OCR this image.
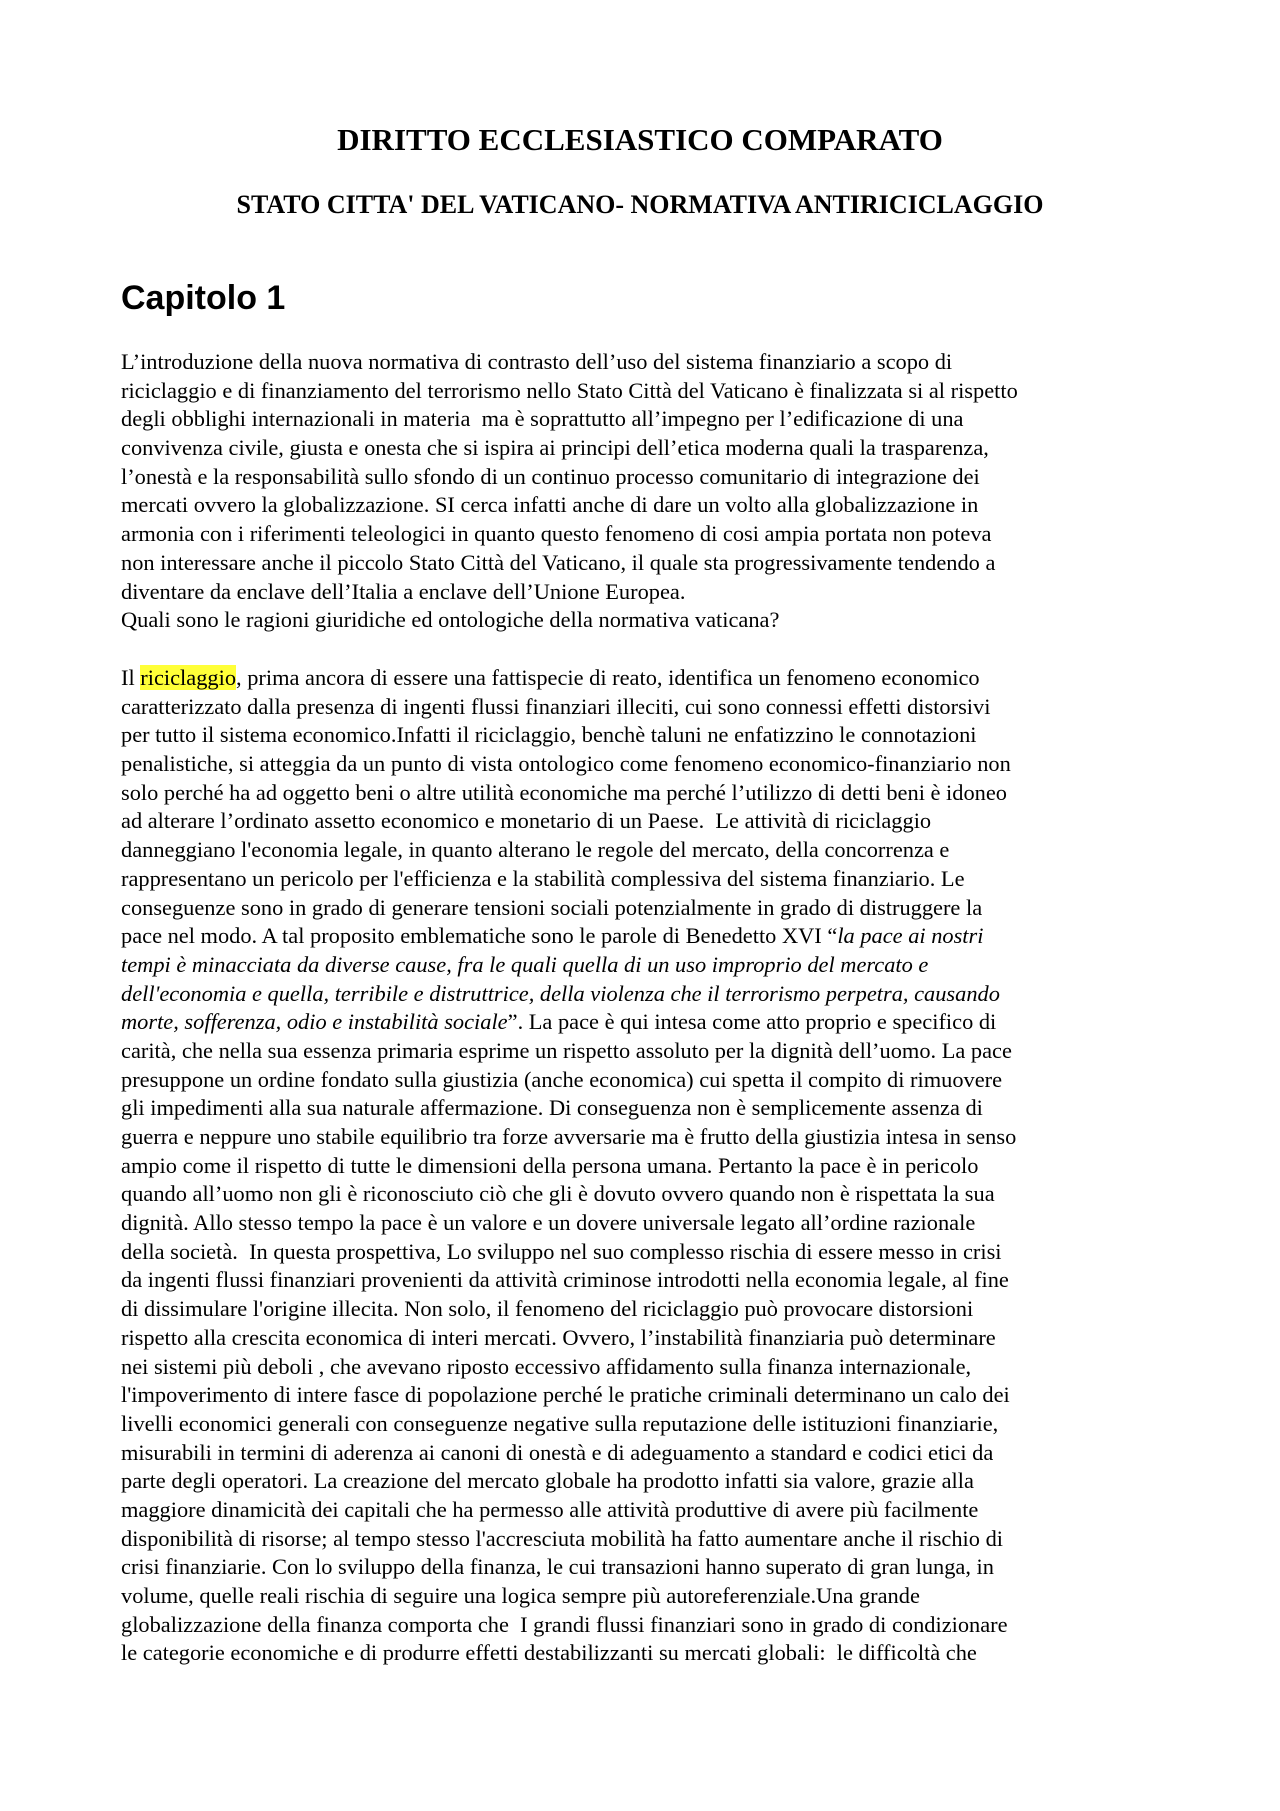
DIRITTO ECCLESIASTICO COMPARATO
STATO CITTA' DEL VATICANO- NORMATIVA ANTIRICICLAGGIO
Capitolo 1
L’introduzione della nuova normativa di contrasto dell’uso del sistema finanziario a scopo di
riciclaggio e di finanziamento del terrorismo nello Stato Città del Vaticano è finalizzata si al rispetto
degli obblighi internazionali in materia  ma è soprattutto all’impegno per l’edificazione di una
convivenza civile, giusta e onesta che si ispira ai principi dell’etica moderna quali la trasparenza,
l’onestà e la responsabilità sullo sfondo di un continuo processo comunitario di integrazione dei
mercati ovvero la globalizzazione. SI cerca infatti anche di dare un volto alla globalizzazione in
armonia con i riferimenti teleologici in quanto questo fenomeno di cosi ampia portata non poteva
non interessare anche il piccolo Stato Città del Vaticano, il quale sta progressivamente tendendo a
diventare da enclave dell’Italia a enclave dell’Unione Europea.
Quali sono le ragioni giuridiche ed ontologiche della normativa vaticana?
Il riciclaggio, prima ancora di essere una fattispecie di reato, identifica un fenomeno economico
caratterizzato dalla presenza di ingenti flussi finanziari illeciti, cui sono connessi effetti distorsivi
per tutto il sistema economico.Infatti il riciclaggio, benchè taluni ne enfatizzino le connotazioni
penalistiche, si atteggia da un punto di vista ontologico come fenomeno economico-finanziario non
solo perché ha ad oggetto beni o altre utilità economiche ma perché l’utilizzo di detti beni è idoneo
ad alterare l’ordinato assetto economico e monetario di un Paese.  Le attività di riciclaggio
danneggiano l'economia legale, in quanto alterano le regole del mercato, della concorrenza e
rappresentano un pericolo per l'efficienza e la stabilità complessiva del sistema finanziario. Le
conseguenze sono in grado di generare tensioni sociali potenzialmente in grado di distruggere la
pace nel modo. A tal proposito emblematiche sono le parole di Benedetto XVI “la pace ai nostri
tempi è minacciata da diverse cause, fra le quali quella di un uso improprio del mercato e
dell'economia e quella, terribile e distruttrice, della violenza che il terrorismo perpetra, causando
morte, sofferenza, odio e instabilità sociale”. La pace è qui intesa come atto proprio e specifico di
carità, che nella sua essenza primaria esprime un rispetto assoluto per la dignità dell’uomo. La pace
presuppone un ordine fondato sulla giustizia (anche economica) cui spetta il compito di rimuovere
gli impedimenti alla sua naturale affermazione. Di conseguenza non è semplicemente assenza di
guerra e neppure uno stabile equilibrio tra forze avversarie ma è frutto della giustizia intesa in senso
ampio come il rispetto di tutte le dimensioni della persona umana. Pertanto la pace è in pericolo
quando all’uomo non gli è riconosciuto ciò che gli è dovuto ovvero quando non è rispettata la sua
dignità. Allo stesso tempo la pace è un valore e un dovere universale legato all’ordine razionale
della società.  In questa prospettiva, Lo sviluppo nel suo complesso rischia di essere messo in crisi
da ingenti flussi finanziari provenienti da attività criminose introdotti nella economia legale, al fine
di dissimulare l'origine illecita. Non solo, il fenomeno del riciclaggio può provocare distorsioni
rispetto alla crescita economica di interi mercati. Ovvero, l’instabilità finanziaria può determinare
nei sistemi più deboli , che avevano riposto eccessivo affidamento sulla finanza internazionale,
l'impoverimento di intere fasce di popolazione perché le pratiche criminali determinano un calo dei
livelli economici generali con conseguenze negative sulla reputazione delle istituzioni finanziarie,
misurabili in termini di aderenza ai canoni di onestà e di adeguamento a standard e codici etici da
parte degli operatori. La creazione del mercato globale ha prodotto infatti sia valore, grazie alla
maggiore dinamicità dei capitali che ha permesso alle attività produttive di avere più facilmente
disponibilità di risorse; al tempo stesso l'accresciuta mobilità ha fatto aumentare anche il rischio di
crisi finanziarie. Con lo sviluppo della finanza, le cui transazioni hanno superato di gran lunga, in
volume, quelle reali rischia di seguire una logica sempre più autoreferenziale.Una grande
globalizzazione della finanza comporta che  I grandi flussi finanziari sono in grado di condizionare
le categorie economiche e di produrre effetti destabilizzanti su mercati globali:  le difficoltà che
